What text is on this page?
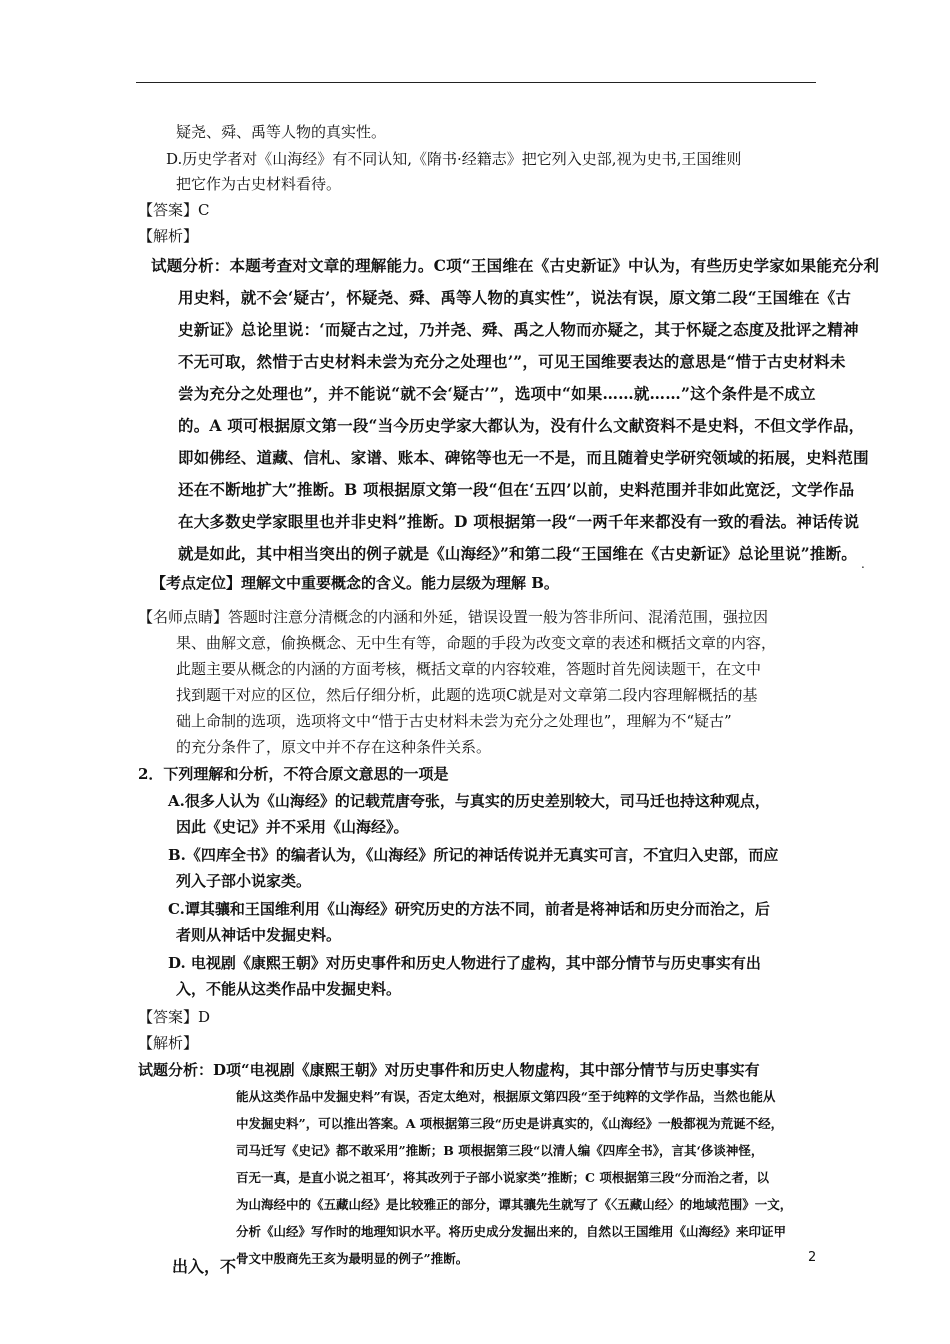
疑尧、舜、禹等人物的真实性。
D.历史学者对《山海经》有不同认知,《隋书·经籍志》把它列入史部,视为史书,王国维则
把它作为古史材料看待。
【答案】C
【解析】
试题分析：本题考查对文章的理解能力。C项“王国维在《古史新证》中认为，有些历史学家如果能充分利
用史料，就不会‘疑古’，怀疑尧、舜、禹等人物的真实性”，说法有误，原文第二段“王国维在《古
史新证》总论里说：‘而疑古之过，乃并尧、舜、禹之人物而亦疑之，其于怀疑之态度及批评之精神
不无可取，然惜于古史材料未尝为充分之处理也’”，可见王国维要表达的意思是“惜于古史材料未
尝为充分之处理也”，并不能说“就不会‘疑古’”，选项中“如果……就……”这个条件是不成立
的。A 项可根据原文第一段“当今历史学家大都认为，没有什么文献资料不是史料，不但文学作品，
即如佛经、道藏、信札、家谱、账本、碑铭等也无一不是，而且随着史学研究领域的拓展，史料范围
还在不断地扩大”推断。B 项根据原文第一段“但在‘五四’以前，史料范围并非如此宽泛，文学作品
在大多数史学家眼里也并非史料”推断。D 项根据第一段“一两千年来都没有一致的看法。神话传说
就是如此，其中相当突出的例子就是《山海经》”和第二段“王国维在《古史新证》总论里说”推断。
【考点定位】理解文中重要概念的含义。能力层级为理解 B。
.
【名师点睛】答题时注意分清概念的内涵和外延，错误设置一般为答非所问、混淆范围，强拉因
果、曲解文意，偷换概念、无中生有等，命题的手段为改变文章的表述和概括文章的内容，
此题主要从概念的内涵的方面考核，概括文章的内容较难，答题时首先阅读题干，在文中
找到题干对应的区位，然后仔细分析，此题的选项C就是对文章第二段内容理解概括的基
础上命制的选项，选项将文中“惜于古史材料未尝为充分之处理也”，理解为不“疑古”
的充分条件了，原文中并不存在这种条件关系。
2．下列理解和分析，不符合原文意思的一项是
A.很多人认为《山海经》的记载荒唐夸张，与真实的历史差别较大，司马迁也持这种观点，
因此《史记》并不采用《山海经》。
B.《四库全书》的编者认为，《山海经》所记的神话传说并无真实可言，不宜归入史部，而应
列入子部小说家类。
C.谭其骧和王国维利用《山海经》研究历史的方法不同，前者是将神话和历史分而治之，后
者则从神话中发掘史料。
D. 电视剧《康熙王朝》对历史事件和历史人物进行了虚构，其中部分情节与历史事实有出
入，不能从这类作品中发掘史料。
【答案】D
【解析】
试题分析：D项“电视剧《康熙王朝》对历史事件和历史人物虚构，其中部分情节与历史事实有
能从这类作品中发掘史料”有误，否定太绝对，根据原文第四段“至于纯粹的文学作品，当然也能从
中发掘史料”，可以推出答案。A 项根据第三段“历史是讲真实的，《山海经》一般都视为荒诞不经，
司马迁写《史记》都不敢采用”推断；B 项根据第三段“以清人编《四库全书》，言其‘侈谈神怪，
百无一真，是直小说之祖耳’，将其改列于子部小说家类”推断；C 项根据第三段“分而治之者，以
为山海经中的《五藏山经》是比较雅正的部分，谭其骧先生就写了《〈五藏山经〉的地域范围》一文，
分析《山经》写作时的地理知识水平。将历史成分发掘出来的，自然以王国维用《山海经》来印证甲
骨文中殷商先王亥为最明显的例子”推断。
出入，不	2
